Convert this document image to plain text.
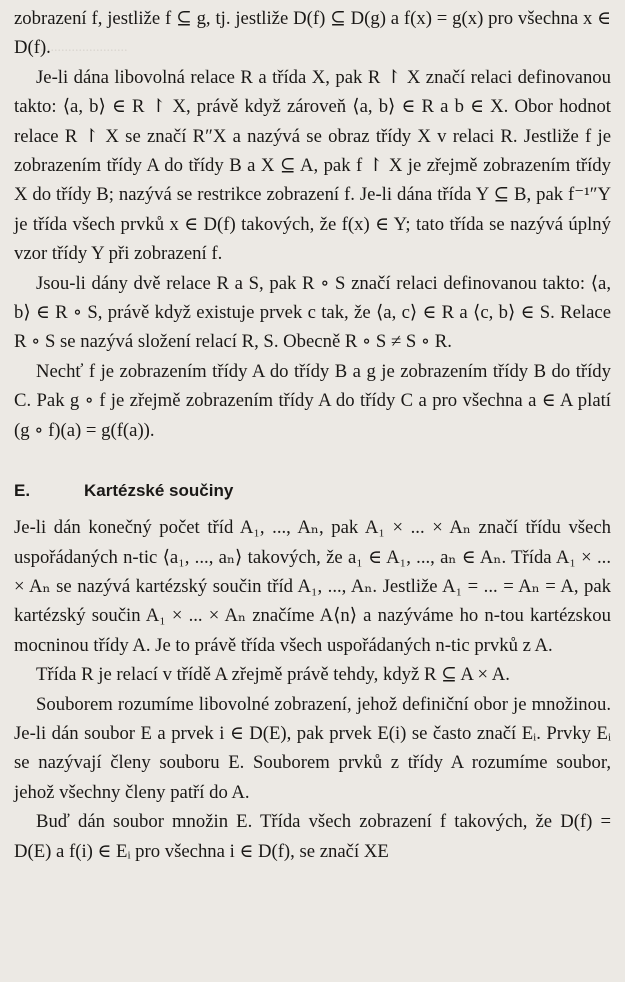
.........................

zobrazení f, jestliže f ⊆ g, tj. jestliže D(f) ⊆ D(g) a f(x) = g(x) pro všechna x ∈ D(f).

Je-li dána libovolná relace R a třída X, pak R ↾ X značí relaci definovanou takto: ⟨a, b⟩ ∈ R ↾ X, právě když zároveň ⟨a, b⟩ ∈ R a b ∈ X. Obor hodnot relace R ↾ X se značí R″X a nazývá se obraz třídy X v relaci R. Jestliže f je zobrazením třídy A do třídy B a X ⊆ A, pak f ↾ X je zřejmě zobrazením třídy X do třídy B; nazývá se restrikce zobrazení f. Je-li dána třída Y ⊆ B, pak f⁻¹″Y je třída všech prvků x ∈ D(f) takových, že f(x) ∈ Y; tato třída se nazývá úplný vzor třídy Y při zobrazení f.

Jsou-li dány dvě relace R a S, pak R ∘ S značí relaci definovanou takto: ⟨a, b⟩ ∈ R ∘ S, právě když existuje prvek c tak, že ⟨a, c⟩ ∈ R a ⟨c, b⟩ ∈ S. Relace R ∘ S se nazývá složení relací R, S. Obecně R ∘ S ≠ S ∘ R.

Nechť f je zobrazením třídy A do třídy B a g je zobrazením třídy B do třídy C. Pak g ∘ f je zřejmě zobrazením třídy A do třídy C a pro všechna a ∈ A platí (g ∘ f)(a) = g(f(a)).

E.	Kartézské součiny

Je-li dán konečný počet tříd A₁, ..., Aₙ, pak A₁ × ... × Aₙ značí třídu všech uspořádaných n-tic ⟨a₁, ..., aₙ⟩ takových, že a₁ ∈ A₁, ..., aₙ ∈ Aₙ. Třída A₁ × ... × Aₙ se nazývá kartézský součin tříd A₁, ..., Aₙ. Jestliže A₁ = ... = Aₙ = A, pak kartézský součin A₁ × ... × Aₙ značíme A⟨n⟩ a nazýváme ho n-tou kartézskou mocninou třídy A. Je to právě třída všech uspořádaných n-tic prvků z A.

Třída R je relací v třídě A zřejmě právě tehdy, když R ⊆ A × A.

Souborem rozumíme libovolné zobrazení, jehož definiční obor je množinou. Je-li dán soubor E a prvek i ∈ D(E), pak prvek E(i) se často značí Eᵢ. Prvky Eᵢ se nazývají členy souboru E. Souborem prvků z třídy A rozumíme soubor, jehož všechny členy patří do A.

Buď dán soubor množin E. Třída všech zobrazení f takových, že D(f) = D(E) a f(i) ∈ Eᵢ pro všechna i ∈ D(f), se značí XE
